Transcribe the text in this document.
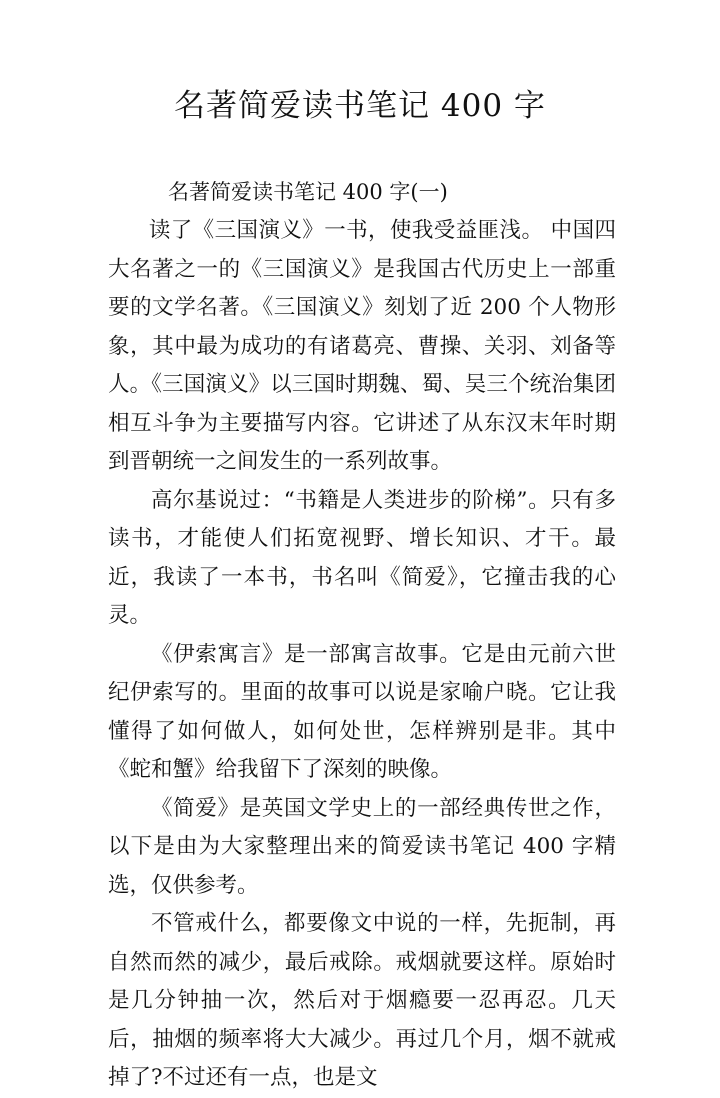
名著简爱读书笔记 400 字

名著简爱读书笔记 400 字(一)

读了《三国演义》一书，使我受益匪浅。 中国四大名著之一的《三国演义》是我国古代历史上一部重要的文学名著。《三国演义》刻划了近 200 个人物形象，其中最为成功的有诸葛亮、曹操、关羽、刘备等人。《三国演义》以三国时期魏、蜀、吴三个统治集团相互斗争为主要描写内容。它讲述了从东汉末年时期到晋朝统一之间发生的一系列故事。

高尔基说过：“书籍是人类进步的阶梯”。只有多读书，才能使人们拓宽视野、增长知识、才干。最近，我读了一本书，书名叫《简爱》，它撞击我的心灵。

《伊索寓言》是一部寓言故事。它是由元前六世纪伊索写的。里面的故事可以说是家喻户晓。它让我懂得了如何做人，如何处世，怎样辨别是非。其中《蛇和蟹》给我留下了深刻的映像。

《简爱》是英国文学史上的一部经典传世之作，以下是由为大家整理出来的简爱读书笔记 400 字精选，仅供参考。

不管戒什么，都要像文中说的一样，先扼制，再自然而然的减少，最后戒除。戒烟就要这样。原始时是几分钟抽一次，然后对于烟瘾要一忍再忍。几天后，抽烟的频率将大大减少。再过几个月，烟不就戒掉了?不过还有一点，也是文
